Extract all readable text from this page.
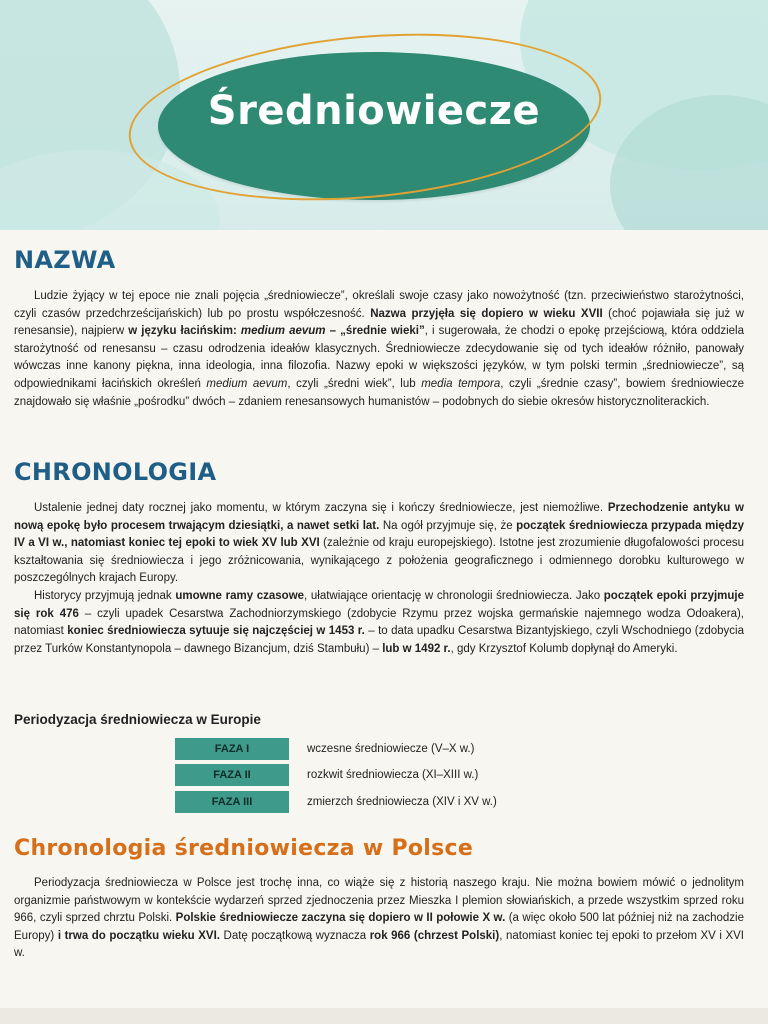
Średniowiecze
NAZWA

Ludzie żyjący w tej epoce nie znali pojęcia „średniowiecze”, określali swoje czasy jako nowożytność (tzn. przeciwieństwo starożytności, czyli czasów przedchrześcijańskich) lub po prostu współczesność. Nazwa przyjęła się dopiero w wieku XVII (choć pojawiała się już w renesansie), najpierw w języku łacińskim: medium aevum – „średnie wieki”, i sugerowała, że chodzi o epokę przejściową, która oddziela starożytność od renesansu – czasu odrodzenia ideałów klasycznych. Średniowiecze zdecydowanie się od tych ideałów różniło, panowały wówczas inne kanony piękna, inna ideologia, inna filozofia. Nazwy epoki w większości języków, w tym polski termin „średniowiecze”, są odpowiednikami łacińskich określeń medium aevum, czyli „średni wiek”, lub media tempora, czyli „średnie czasy”, bowiem średniowiecze znajdowało się właśnie „pośrodku” dwóch – zdaniem renesansowych humanistów – podobnych do siebie okresów historycznoliterackich.

CHRONOLOGIA

Ustalenie jednej daty rocznej jako momentu, w którym zaczyna się i kończy średniowiecze, jest niemożliwe. Przechodzenie antyku w nową epokę było procesem trwającym dziesiątki, a nawet setki lat. Na ogół przyjmuje się, że początek średniowiecza przypada między IV a VI w., natomiast koniec tej epoki to wiek XV lub XVI (zależnie od kraju europejskiego). Istotne jest zrozumienie długofalowości procesu kształtowania się średniowiecza i jego zróżnicowania, wynikającego z położenia geograficznego i odmiennego dorobku kulturowego w poszczególnych krajach Europy.

Historycy przyjmują jednak umowne ramy czasowe, ułatwiające orientację w chronologii średniowiecza. Jako początek epoki przyjmuje się rok 476 – czyli upadek Cesarstwa Zachodniorzymskiego (zdobycie Rzymu przez wojska germańskie najemnego wodza Odoakera), natomiast koniec średniowiecza sytuuje się najczęściej w 1453 r. – to data upadku Cesarstwa Bizantyjskiego, czyli Wschodniego (zdobycia przez Turków Konstantynopola – dawnego Bizancjum, dziś Stambułu) – lub w 1492 r., gdy Krzysztof Kolumb dopłynął do Ameryki.

Periodyzacja średniowiecza w Europie
FAZA I	wczesne średniowiecze (V–X w.)
FAZA II	rozkwit średniowiecza (XI–XIII w.)
FAZA III	zmierzch średniowiecza (XIV i XV w.)
Chronologia średniowiecza w Polsce

Periodyzacja średniowiecza w Polsce jest trochę inna, co wiąże się z historią naszego kraju. Nie można bowiem mówić o jednolitym organizmie państwowym w kontekście wydarzeń sprzed zjednoczenia przez Mieszka I plemion słowiańskich, a przede wszystkim sprzed roku 966, czyli sprzed chrztu Polski. Polskie średniowiecze zaczyna się dopiero w II połowie X w. (a więc około 500 lat później niż na zachodzie Europy) i trwa do początku wieku XVI. Datę początkową wyznacza rok 966 (chrzest Polski), natomiast koniec tej epoki to przełom XV i XVI w.
